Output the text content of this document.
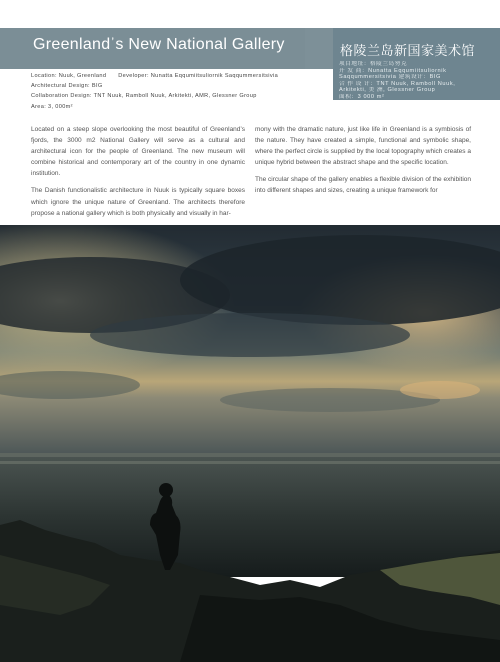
Greenland’s New National Gallery	格陵兰岛新国家美术馆
项目地址：格陵兰岛努克
开 发 商：Nunatta Eqqumiitsuliornik
Saqqummersitsivia 建筑设计：BIG
合 作 设 计：TNT Nuuk, Ramboll Nuuk,
Arkitekti, 美 洲, Glessner Group
面积：3 000 m²
Location: Nuuk, Greenland Developer: Nunatta Eqqumiitsuliornik Saqqummersitsivia
Architectural Design: BIG
Collaboration Design: TNT Nuuk, Ramboll Nuuk, Arkitekti, AMR, Glessner Group
Area: 3, 000m²

Located on a steep slope overlooking the most beautiful of Greenland’s fjords, the 3000 m2 National Gallery will serve as a cultural and architectural icon for the people of Greenland. The new museum will combine historical and contemporary art of the country in one dynamic institution.

The Danish functionalistic architecture in Nuuk is typically square boxes which ignore the unique nature of Greenland. The architects therefore propose a national gallery which is both physically and visually in har-

mony with the dramatic nature, just like life in Greenland is a symbiosis of the nature. They have created a simple, functional and symbolic shape, where the perfect circle is supplied by the local topography which creates a unique hybrid between the abstract shape and the specific location.

The circular shape of the gallery enables a flexible division of the exhibition into different shapes and sizes, creating a unique framework for
